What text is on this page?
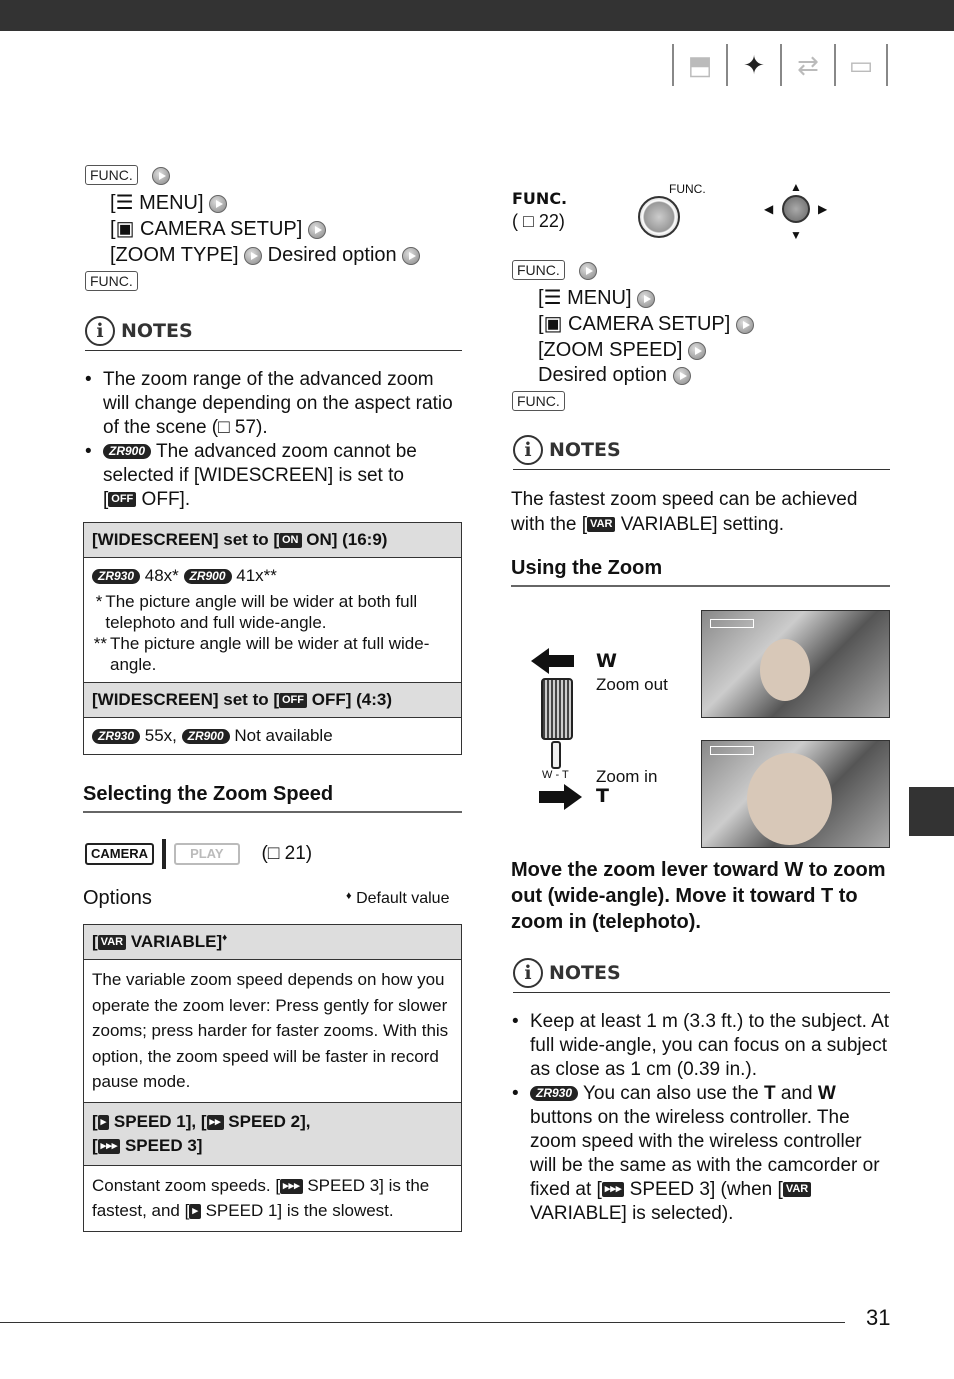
⬒	✦	⇄	▭
FUNC.
[☰ MENU]
[▣ CAMERA SETUP]
[ZOOM TYPE] Desired option
FUNC.
i NOTES
• The zoom range of the advanced zoom will change depending on the aspect ratio of the scene (□ 57).
• ZR900 The advanced zoom cannot be selected if [WIDESCREEN] is set to
[ OFF OFF].
[WIDESCREEN] set to [ ON ON] (16:9)
ZR930 48x* ZR900 41x**
* The picture angle will be wider at both full telephoto and full wide-angle.
** The picture angle will be wider at full wide-angle.
[WIDESCREEN] set to [ OFF OFF] (4:3)
ZR930 55x, ZR900 Not available
Selecting the Zoom Speed
CAMERA	PLAY	(□ 21)
Options	♦ Default value
[ VAR VARIABLE]♦
The variable zoom speed depends on how you operate the zoom lever: Press gently for slower zooms; press harder for faster zooms. With this option, the zoom speed will be faster in record pause mode.
[ ▸ SPEED 1], [ ▸▸ SPEED 2],
[ ▸▸▸ SPEED 3]
Constant zoom speeds. [ ▸▸▸ SPEED 3] is the fastest, and [ ▸ SPEED 1] is the slowest.
FUNC.
( □ 22)
FUNC.	▲
▼
◀	▶
FUNC.
[☰ MENU]
[▣ CAMERA SETUP]
[ZOOM SPEED]
Desired option
FUNC.
i NOTES
The fastest zoom speed can be achieved with the [ VAR VARIABLE] setting.
Using the Zoom
W - T
W
Zoom out
Zoom in
T
Move the zoom lever toward W to zoom out (wide-angle). Move it toward T to zoom in (telephoto).
i NOTES
• Keep at least 1 m (3.3 ft.) to the subject. At full wide-angle, you can focus on a subject as close as 1 cm (0.39 in.).
• ZR930 You can also use the T and W buttons on the wireless controller. The zoom speed with the wireless controller will be the same as with the camcorder or fixed at [ ▸▸▸ SPEED 3] (when [ VAR VARIABLE] is selected).
31
